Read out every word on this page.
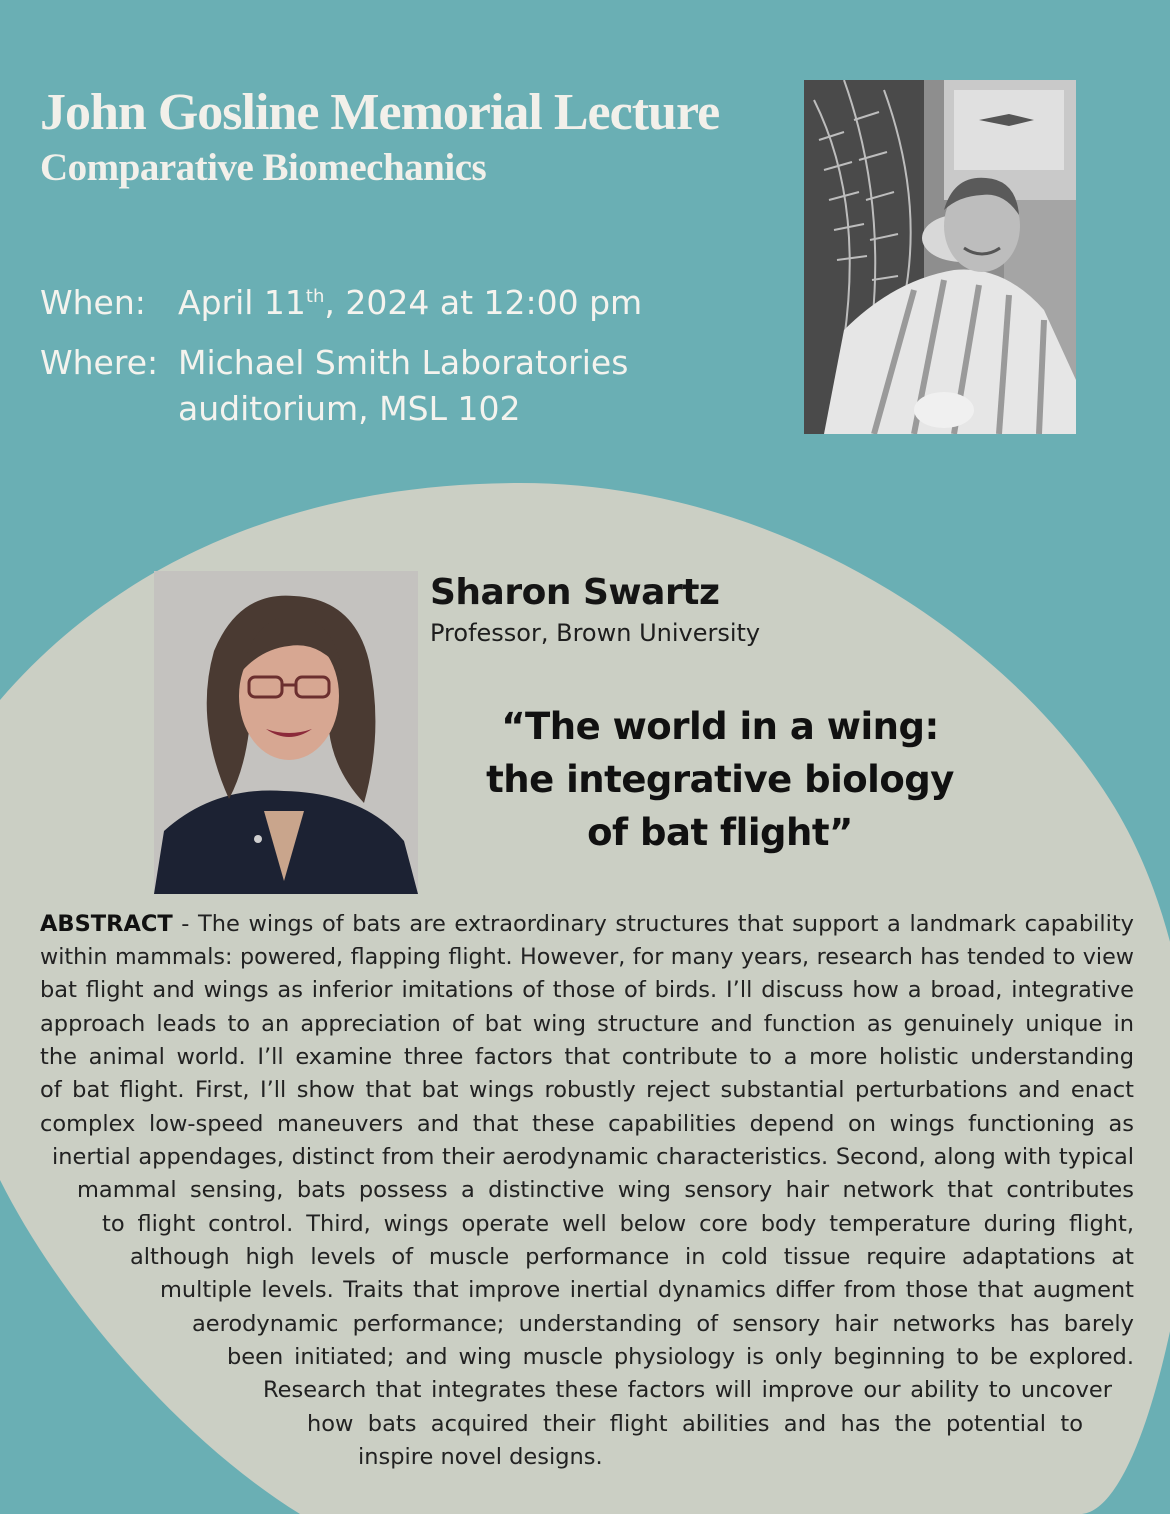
John Gosline Memorial Lecture
Comparative Biomechanics
When: April 11th, 2024 at 12:00 pm
Where: Michael Smith Laboratories
auditorium, MSL 102
Sharon Swartz
Professor, Brown University
“The world in a wing:
the integrative biology
of bat flight”
ABSTRACT - The wings of bats are extraordinary structures that support a landmark capability
within mammals: powered, flapping flight. However, for many years, research has tended to view
bat flight and wings as inferior imitations of those of birds. I’ll discuss how a broad, integrative
approach leads to an appreciation of bat wing structure and function as genuinely unique in
the animal world. I’ll examine three factors that contribute to a more holistic understanding
of bat flight. First, I’ll show that bat wings robustly reject substantial perturbations and enact
complex low-speed maneuvers and that these capabilities depend on wings functioning as
inertial appendages, distinct from their aerodynamic characteristics. Second, along with typical
mammal sensing, bats possess a distinctive wing sensory hair network that contributes
to flight control. Third, wings operate well below core body temperature during flight,
although high levels of muscle performance in cold tissue require adaptations at
multiple levels. Traits that improve inertial dynamics differ from those that augment
aerodynamic performance; understanding of sensory hair networks has barely
been initiated; and wing muscle physiology is only beginning to be explored.
Research that integrates these factors will improve our ability to uncover
how bats acquired their flight abilities and has the potential to
inspire novel designs.
